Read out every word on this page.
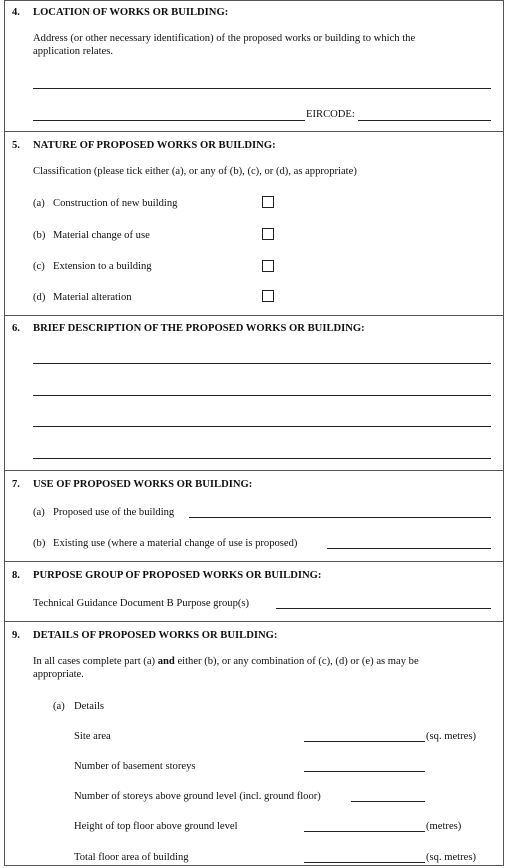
4. LOCATION OF WORKS OR BUILDING:
Address (or other necessary identification) of the proposed works or building to which the
application relates.
EIRCODE:
5. NATURE OF PROPOSED WORKS OR BUILDING:
Classification (please tick either (a), or any of (b), (c), or (d), as appropriate)
(a) Construction of new building
(b) Material change of use
(c) Extension to a building
(d) Material alteration
6. BRIEF DESCRIPTION OF THE PROPOSED WORKS OR BUILDING:
7. USE OF PROPOSED WORKS OR BUILDING:
(a) Proposed use of the building
(b) Existing use (where a material change of use is proposed)
8. PURPOSE GROUP OF PROPOSED WORKS OR BUILDING:
Technical Guidance Document B Purpose group(s)
9. DETAILS OF PROPOSED WORKS OR BUILDING:
In all cases complete part (a) and either (b), or any combination of (c), (d) or (e) as may be
appropriate.
(a) Details
Site area	(sq. metres)
Number of basement storeys
Number of storeys above ground level (incl. ground floor)
Height of top floor above ground level	(metres)
Total floor area of building	(sq. metres)
